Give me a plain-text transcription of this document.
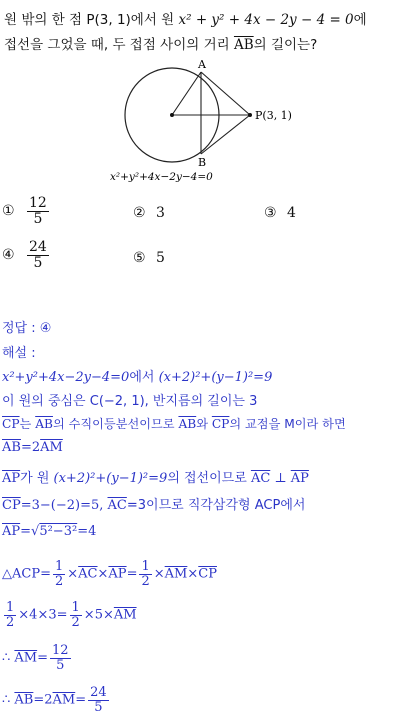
원 밖의 한 점 P(3, 1)에서 원 x² + y² + 4x − 2y − 4 = 0에
접선을 그었을 때, 두 접점 사이의 거리 $\overline{AB}$의 길이는?
A
B
P(3, 1)
x²+y²+4x−2y−4=0
① $\frac{12}{5}$	② 3	③ 4
④ $\frac{24}{5}$	⑤ 5
정답 : ④
해설 :
x²+y²+4x−2y−4=0에서 (x+2)²+(y−1)²=9
이 원의 중심은 C(−2, 1), 반지름의 길이는 3
$\overline{CP}$는 $\overline{AB}$의 수직이등분선이므로 $\overline{AB}$와 $\overline{CP}$의 교점을 M이라 하면
$\overline{AB}=2\overline{AM}$
$\overline{AP}$가 원 (x+2)²+(y−1)²=9의 접선이므로 $\overline{AC}$ ⊥ $\overline{AP}$
$\overline{CP}=3-(-2)=5$, $\overline{AC}=3$이므로 직각삼각형 ACP에서
$\overline{AP}=√5^2-3^2=4$
△ACP= $\frac{1}{2} \times\overline{AC}\times\overline{AP}= \frac{1}{2} \times\overline{AM}\times\overline{CP}$
$\frac{1}{2} \times 4\times 3= \frac{1}{2} \times 5\times\overline{AM}$
∴ $\overline{AM}= \frac{12}{5}$
∴ $\overline{AB}=2\overline{AM}= \frac{24}{5}$
